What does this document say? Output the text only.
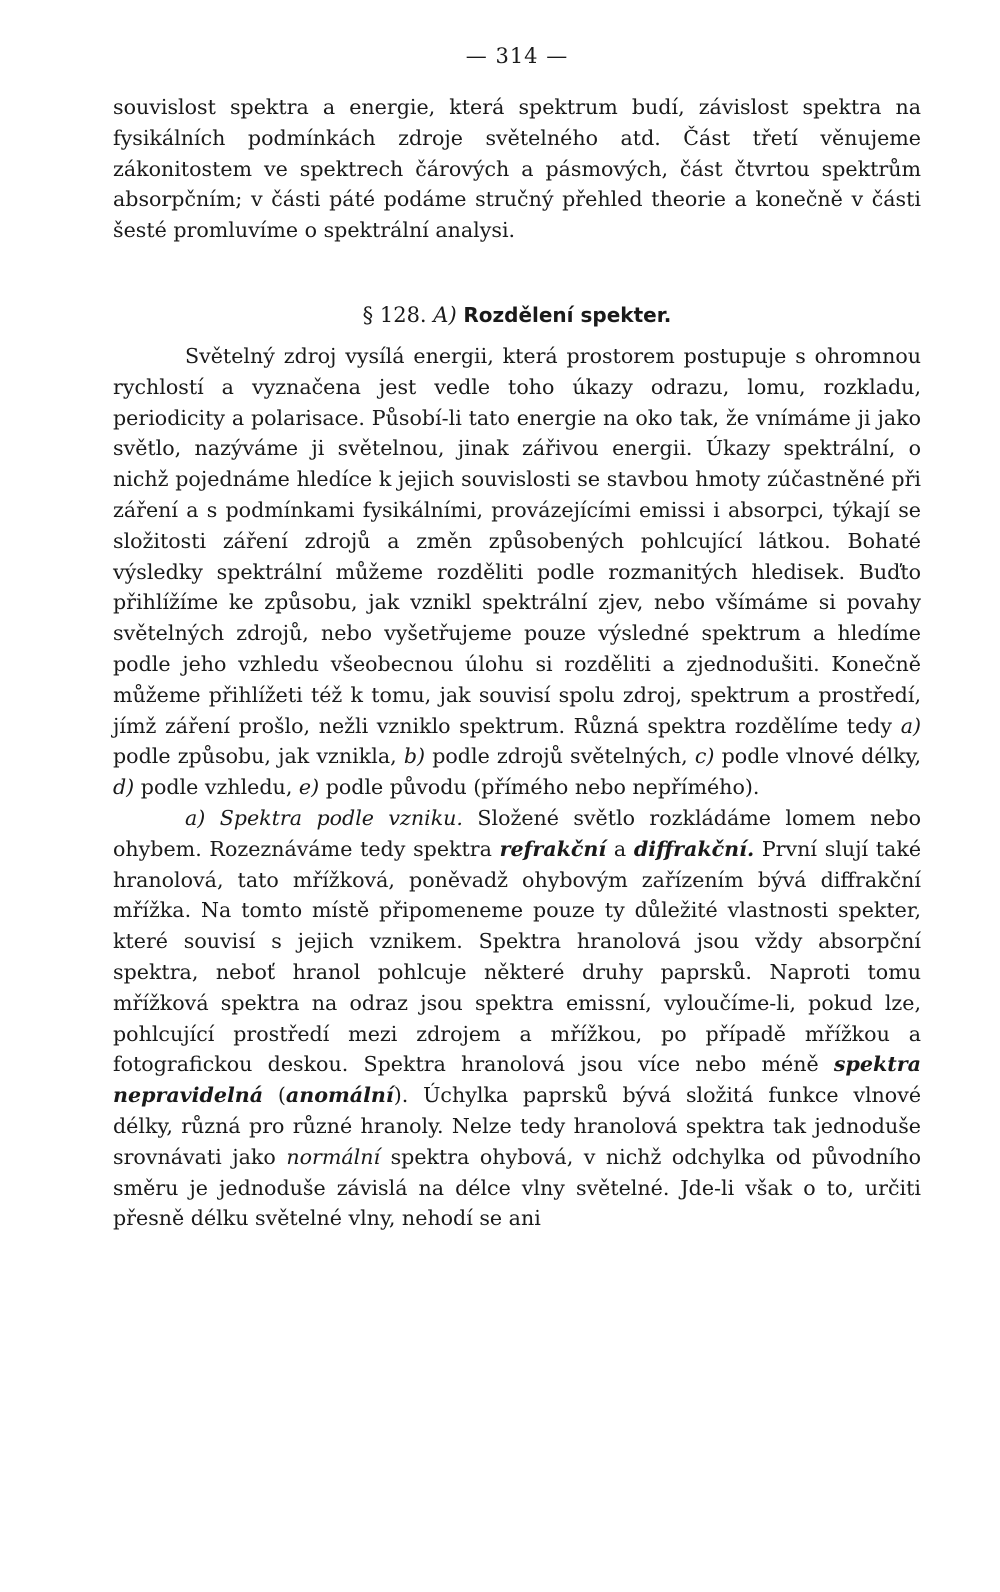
— 314 —

souvislost spektra a energie, která spektrum budí, závislost spektra na fysikálních podmínkách zdroje světelného atd. Část třetí věnujeme zákonitostem ve spektrech čárových a pásmových, část čtvrtou spektrům absorpčním; v části páté podáme stručný přehled theorie a konečně v části šesté promluvíme o spektrální analysi.

§ 128. A) Rozdělení spekter.

Světelný zdroj vysílá energii, která prostorem postupuje s ohromnou rychlostí a vyznačena jest vedle toho úkazy odrazu, lomu, rozkladu, periodicity a polarisace. Působí-li tato energie na oko tak, že vnímáme ji jako světlo, nazýváme ji světelnou, jinak zářivou energii. Úkazy spektrální, o nichž pojednáme hledíce k jejich souvislosti se stavbou hmoty zúčastněné při záření a s podmínkami fysikálními, provázejícími emissi i absorpci, týkají se složitosti záření zdrojů a změn způsobených pohlcující látkou. Bohaté výsledky spektrální můžeme rozděliti podle rozmanitých hledisek. Buďto přihlížíme ke způsobu, jak vznikl spektrální zjev, nebo všímáme si povahy světelných zdrojů, nebo vyšetřujeme pouze výsledné spektrum a hledíme podle jeho vzhledu všeobecnou úlohu si rozděliti a zjednodušiti. Konečně můžeme přihlížeti též k tomu, jak souvisí spolu zdroj, spektrum a prostředí, jímž záření prošlo, nežli vzniklo spektrum. Různá spektra rozdělíme tedy a) podle způsobu, jak vznikla, b) podle zdrojů světelných, c) podle vlnové délky, d) podle vzhledu, e) podle původu (přímého nebo nepřímého).

a) Spektra podle vzniku. Složené světlo rozkládáme lomem nebo ohybem. Rozeznáváme tedy spektra refrakční a diffrakční. První slují také hranolová, tato mřížková, poněvadž ohybovým zařízením bývá diffrakční mřížka. Na tomto místě připomeneme pouze ty důležité vlastnosti spekter, které souvisí s jejich vznikem. Spektra hranolová jsou vždy absorpční spektra, neboť hranol pohlcuje některé druhy paprsků. Naproti tomu mřížková spektra na odraz jsou spektra emissní, vyloučíme-li, pokud lze, pohlcující prostředí mezi zdrojem a mřížkou, po případě mřížkou a fotografickou deskou. Spektra hranolová jsou více nebo méně spektra nepravidelná (anomální). Úchylka paprsků bývá složitá funkce vlnové délky, různá pro různé hranoly. Nelze tedy hranolová spektra tak jednoduše srovnávati jako normální spektra ohybová, v nichž odchylka od původního směru je jednoduše závislá na délce vlny světelné. Jde-li však o to, určiti přesně délku světelné vlny, nehodí se ani
